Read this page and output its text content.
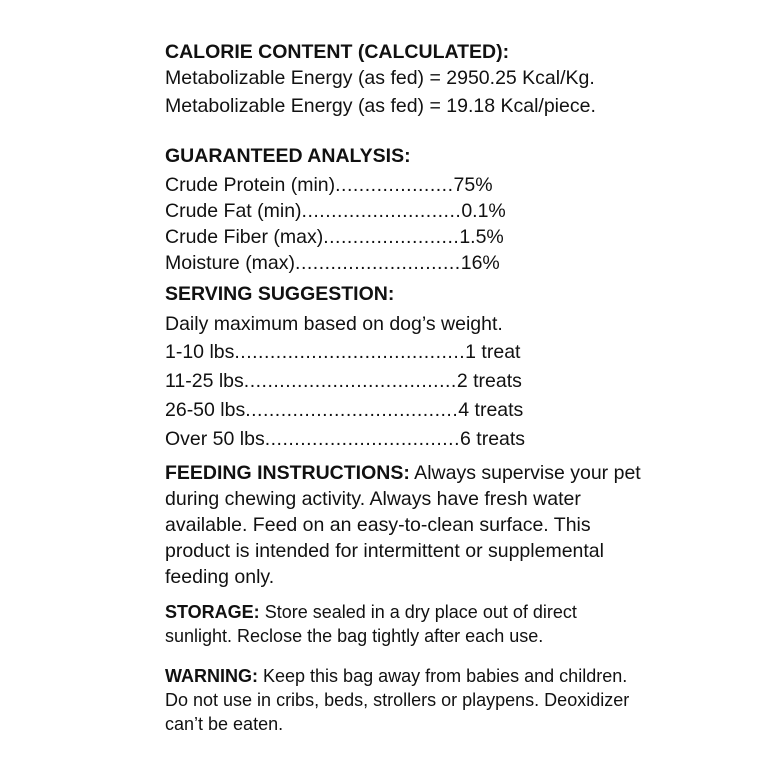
CALORIE CONTENT (CALCULATED):
Metabolizable Energy (as fed) = 2950.25 Kcal/Kg.
Metabolizable Energy (as fed) = 19.18 Kcal/piece.
GUARANTEED ANALYSIS:
Crude Protein (min) .................... 75%
Crude Fat (min) ........................... 0.1%
Crude Fiber (max) ....................... 1.5%
Moisture (max) ............................ 16%
SERVING SUGGESTION:
Daily maximum based on dog’s weight.
1-10 lbs ....................................... 1 treat
11-25 lbs .................................... 2 treats
26-50 lbs .................................... 4 treats
Over 50 lbs ................................. 6 treats

FEEDING INSTRUCTIONS: Always supervise your pet during chewing activity. Always have fresh water available. Feed on an easy-to-clean surface. This product is intended for intermittent or supplemental feeding only.

STORAGE: Store sealed in a dry place out of direct sunlight. Reclose the bag tightly after each use.

WARNING: Keep this bag away from babies and children. Do not use in cribs, beds, strollers or playpens. Deoxidizer can’t be eaten.
